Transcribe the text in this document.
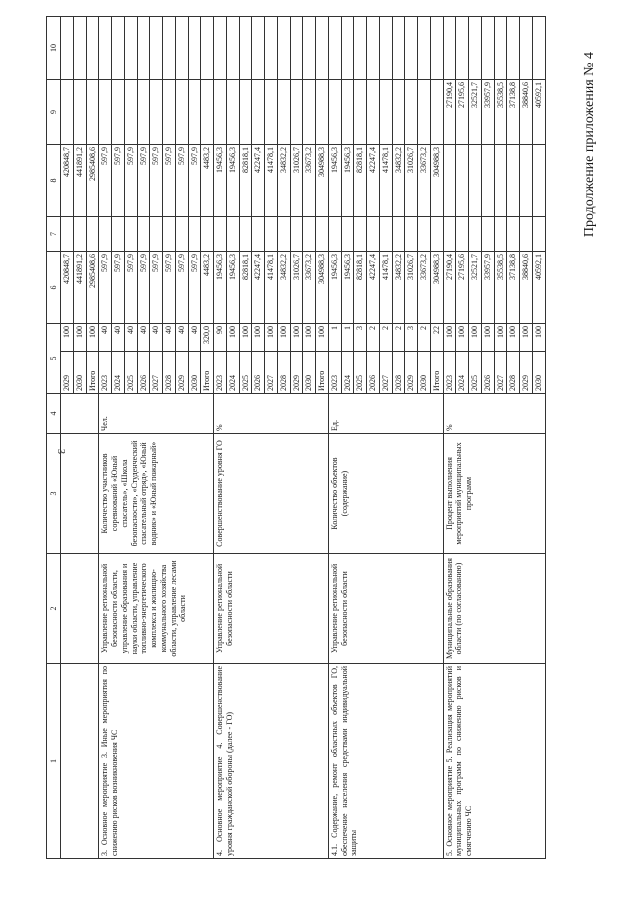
3
Продолжение приложения № 4
1	2	3	4	5		6	7	8	9	10
				2029	100	420848,7		420848,7		
				2030	100	441891,2		441891,2		
				Итого	100	2985408,6		2985408,6		
3. Основное мероприятие 3. Иные мероприятия по снижению рисков возникновения ЧС	Управление региональной безопасности области, управление образования и науки области, управление топливно-энергетического комплекса и жилищно-коммунального хозяйства области, управление лесами области	Количество участников соревнований «Юный спасатель», «Школа безопасности», «Студенческий спасательный отряд», «Юный водник» и «Юный пожарный»	Чел.	2023	40	597,9		597,9		
				2024	40	597,9		597,9		
				2025	40	597,9		597,9		
				2026	40	597,9		597,9		
				2027	40	597,9		597,9		
				2028	40	597,9		597,9		
				2029	40	597,9		597,9		
				2030	40	597,9		597,9		
				Итого	320,0	4483,2		4483,2		
4. Основное мероприятие 4. Совершенствование уровня гражданской обороны (далее - ГО)	Управление региональной безопасности области	Совершенствование уровня ГО	%	2023	90	19456,3		19456,3		
				2024	100	19456,3		19456,3		
				2025	100	82818,1		82818,1		
				2026	100	42247,4		42247,4		
				2027	100	41478,1		41478,1		
				2028	100	34832,2		34832,2		
				2029	100	31026,7		31026,7		
				2030	100	33673,2		33673,2		
				Итого	100	304988,3		304988,3		
4.1. Содержание, ремонт областных объектов ГО, обеспечение населения средствами индивидуальной защиты	Управление региональной безопасности области	Количество объектов (содержание)	Ед.	2023	1	19456,3		19456,3		
				2024	1	19456,3		19456,3		
				2025	3	82818,1		82818,1		
				2026	2	42247,4		42247,4		
				2027	2	41478,1		41478,1		
				2028	2	34832,2		34832,2		
				2029	3	31026,7		31026,7		
				2030	2	33673,2		33673,2		
				Итого	22	304988,3		304988,3		
5. Основное мероприятие 5. Реализация мероприятий муниципальных программ по снижению рисков и смягчению ЧС	Муниципальные образования области (по согласованию)	Процент выполнения мероприятий муниципальных программ	%	2023	100	27190,4			27190,4	
				2024	100	27195,6			27195,6	
				2025	100	32521,7			32521,7	
				2026	100	33957,9			33957,9	
				2027	100	35538,5			35538,5	
				2028	100	37138,8			37138,8	
				2029	100	38840,6			38840,6	
				2030	100	40592,1			40592,1	
